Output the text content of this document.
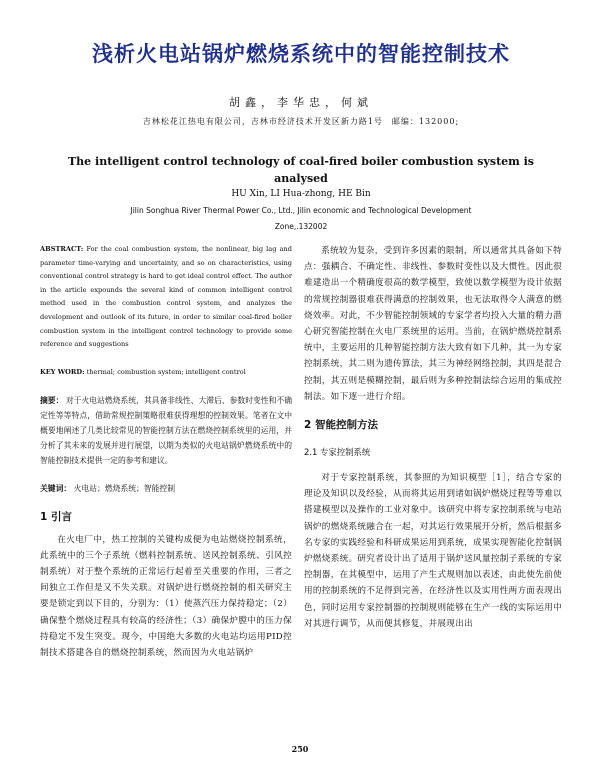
浅析火电站锅炉燃烧系统中的智能控制技术
胡鑫，李华忠，何斌
吉林松花江热电有限公司，吉林市经济技术开发区新力路1号　邮编：132000;
The intelligent control technology of coal-fired boiler combustion system is analysed
HU Xin, LI Hua-zhong, HE Bin
Jilin Songhua River Thermal Power Co., Ltd., Jilin economic and Technological Development
Zone,.132002

ABSTRACT: For the coal combustion system, the nonlinear, big lag and parameter time-varying and uncertainty, and so on characteristics, using conventional control strategy is hard to get ideal control effect. The author in the article expounds the several kind of common intelligent control method used in the combustion control system, and analyzes the development and outlook of its future, in order to similar coal-fired boiler combustion system in the intelligent control technology to provide some reference and suggestions

KEY WORD: thermal; combustion system; intelligent control

摘要： 对于火电站燃烧系统，其具备非线性、大滞后、参数时变性和不确定性等等特点，借助常规控制策略很难获得理想的控制效果。笔者在文中概要地阐述了几类比较常见的智能控制方法在燃烧控制系统里的运用，并分析了其未来的发展并进行展望，以期为类似的火电站锅炉燃烧系统中的智能控制技术提供一定的参考和建议。

关键词： 火电站；燃烧系统；智能控制

1 引言

在火电厂中，热工控制的关键构成便为电站燃烧控制系统，此系统中的三个子系统（燃料控制系统、送风控制系统、引风控制系统）对于整个系统的正常运行起着至关重要的作用，三者之间独立工作但是又不失关联。对锅炉进行燃烧控制的相关研究主要是锁定到以下目的，分别为：（1）使蒸汽压力保持稳定；（2）确保整个燃烧过程具有较高的经济性；（3）确保炉膛中的压力保持稳定不发生突变。现今，中国绝大多数的火电站均运用PID控制技术搭建各自的燃烧控制系统，然而因为火电站锅炉

系统较为复杂，受到许多因素的限制，所以通常其具备如下特点：强耦合、不确定性、非线性、参数时变性以及大惯性。因此很难建造出一个精确度很高的数学模型，致使以数学模型为设计依据的常规控制器很难获得满意的控制效果，也无法取得令人满意的燃烧效率。对此，不少智能控制领域的专家学者均投入大量的精力潜心研究智能控制在火电厂系统里的运用。当前，在锅炉燃烧控制系统中，主要运用的几种智能控制方法大致有如下几种，其一为专家控制系统，其二则为遗传算法，其三为神经网络控制，其四是混合控制，其五则是模糊控制，最后则为多种控制法综合运用的集成控制法。如下逐一进行介绍。

2 智能控制方法
2.1 专家控制系统

对于专家控制系统，其参照的为知识模型［1］，结合专家的理论及知识以及经验，从而将其运用到诸如锅炉燃烧过程等等难以搭建模型以及操作的工业对象中。该研究中将专家控制系统与电站锅炉的燃烧系统融合在一起，对其运行效果展开分析，然后根据多名专家的实践经验和科研成果运用到系统，成果实现智能化控制锅炉燃烧系统。研究者设计出了适用于锅炉送风量控制子系统的专家控制器，在其模型中，运用了产生式规则加以表述，由此使先前使用的控制系统的不足得到完善，在经济性以及实用性两方面表现出色，同时运用专家控制器的控制规则能够在生产一线的实际运用中对其进行调节，从而便其修复，并展现出出

250
